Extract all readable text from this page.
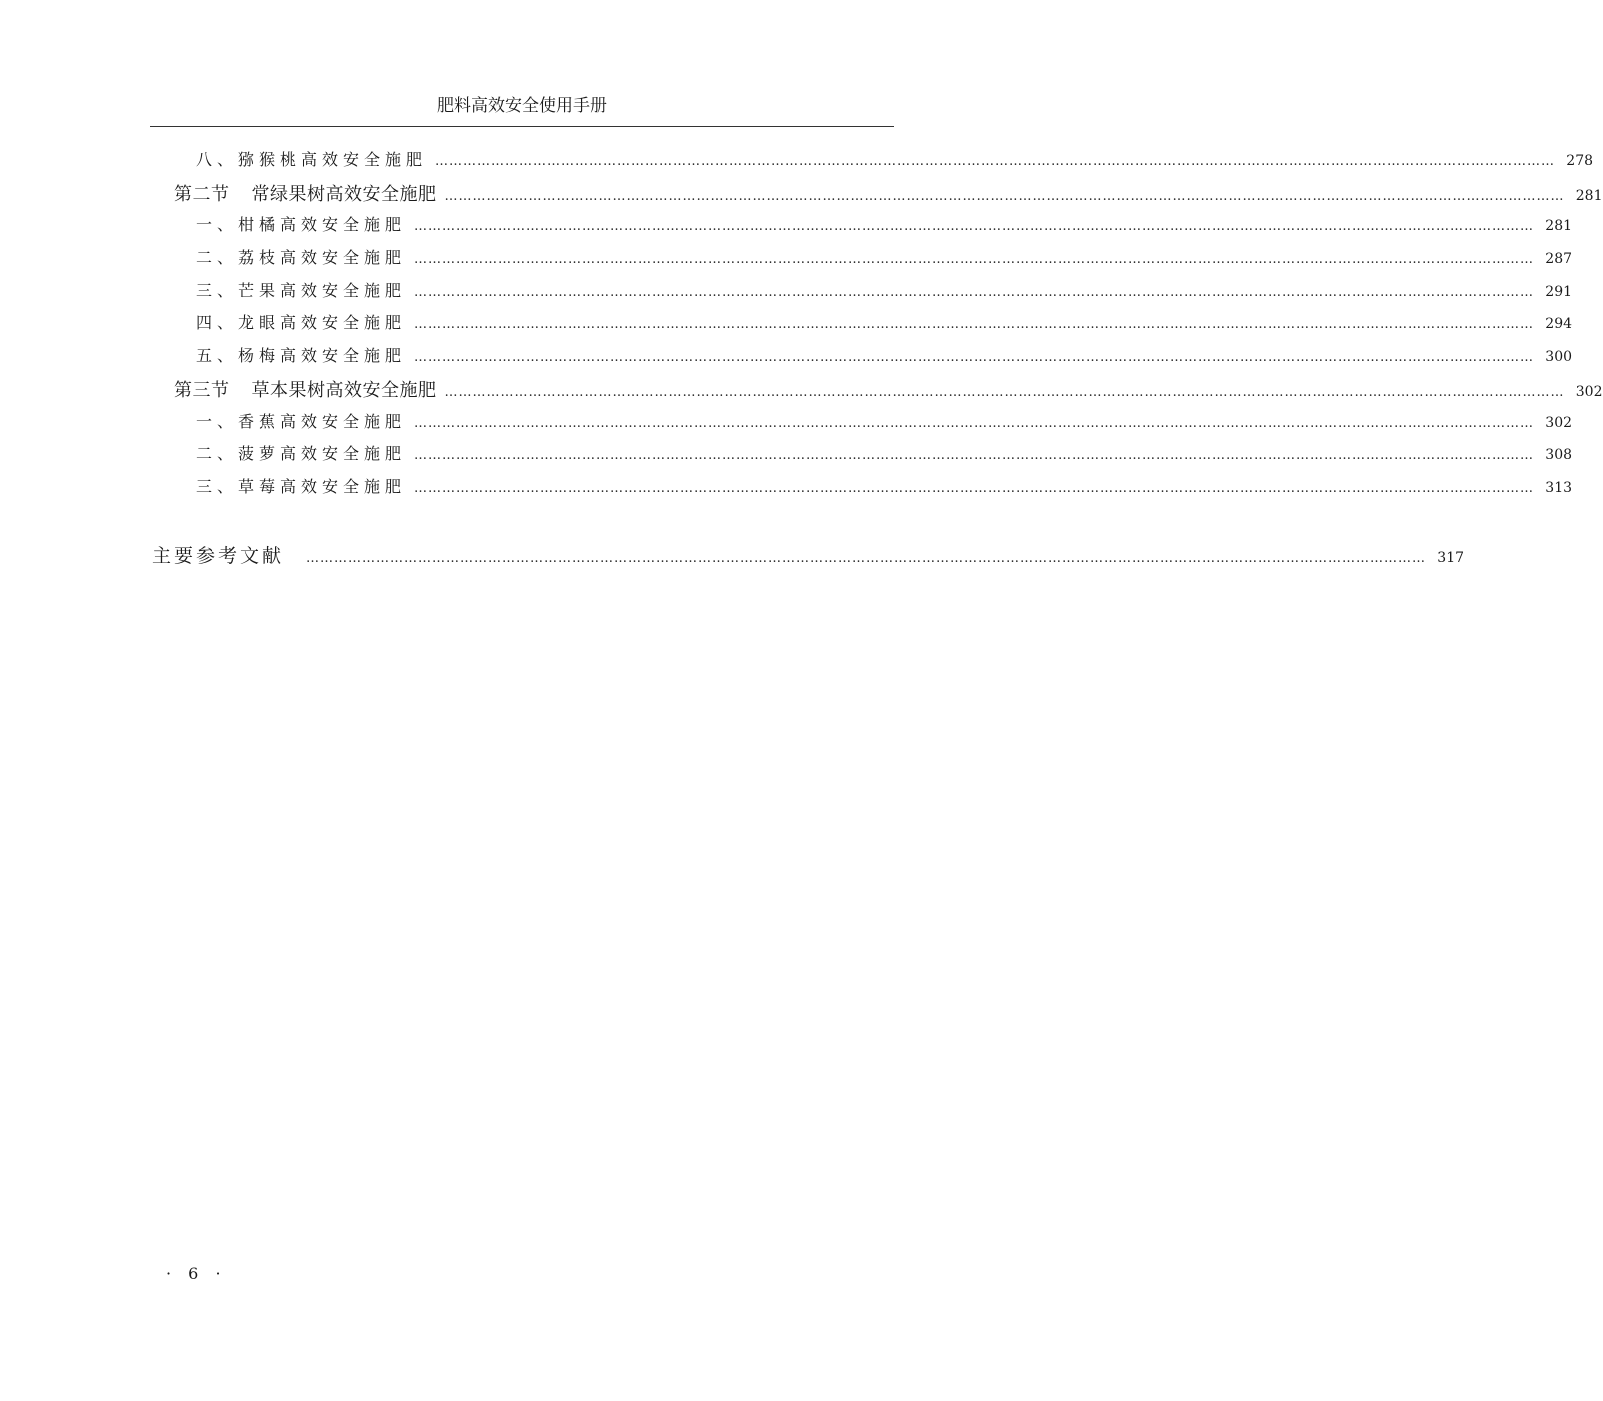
肥料高效安全使用手册
八、猕猴桃高效安全施肥 …………………………………………………………………………………………………………………………………………………………………………………………………………………… 278
第二节 常绿果树高效安全施肥 …………………………………………………………………………………………………………………………………………………………………………………………………………………… 281
一、柑橘高效安全施肥 …………………………………………………………………………………………………………………………………………………………………………………………………………………… 281
二、荔枝高效安全施肥 …………………………………………………………………………………………………………………………………………………………………………………………………………………… 287
三、芒果高效安全施肥 …………………………………………………………………………………………………………………………………………………………………………………………………………………… 291
四、龙眼高效安全施肥 …………………………………………………………………………………………………………………………………………………………………………………………………………………… 294
五、杨梅高效安全施肥 …………………………………………………………………………………………………………………………………………………………………………………………………………………… 300
第三节 草本果树高效安全施肥 …………………………………………………………………………………………………………………………………………………………………………………………………………………… 302
一、香蕉高效安全施肥 …………………………………………………………………………………………………………………………………………………………………………………………………………………… 302
二、菠萝高效安全施肥 …………………………………………………………………………………………………………………………………………………………………………………………………………………… 308
三、草莓高效安全施肥 …………………………………………………………………………………………………………………………………………………………………………………………………………………… 313
主要参考文献 …………………………………………………………………………………………………………………………………………………………………………………………………………………… 317
· 6 ·
